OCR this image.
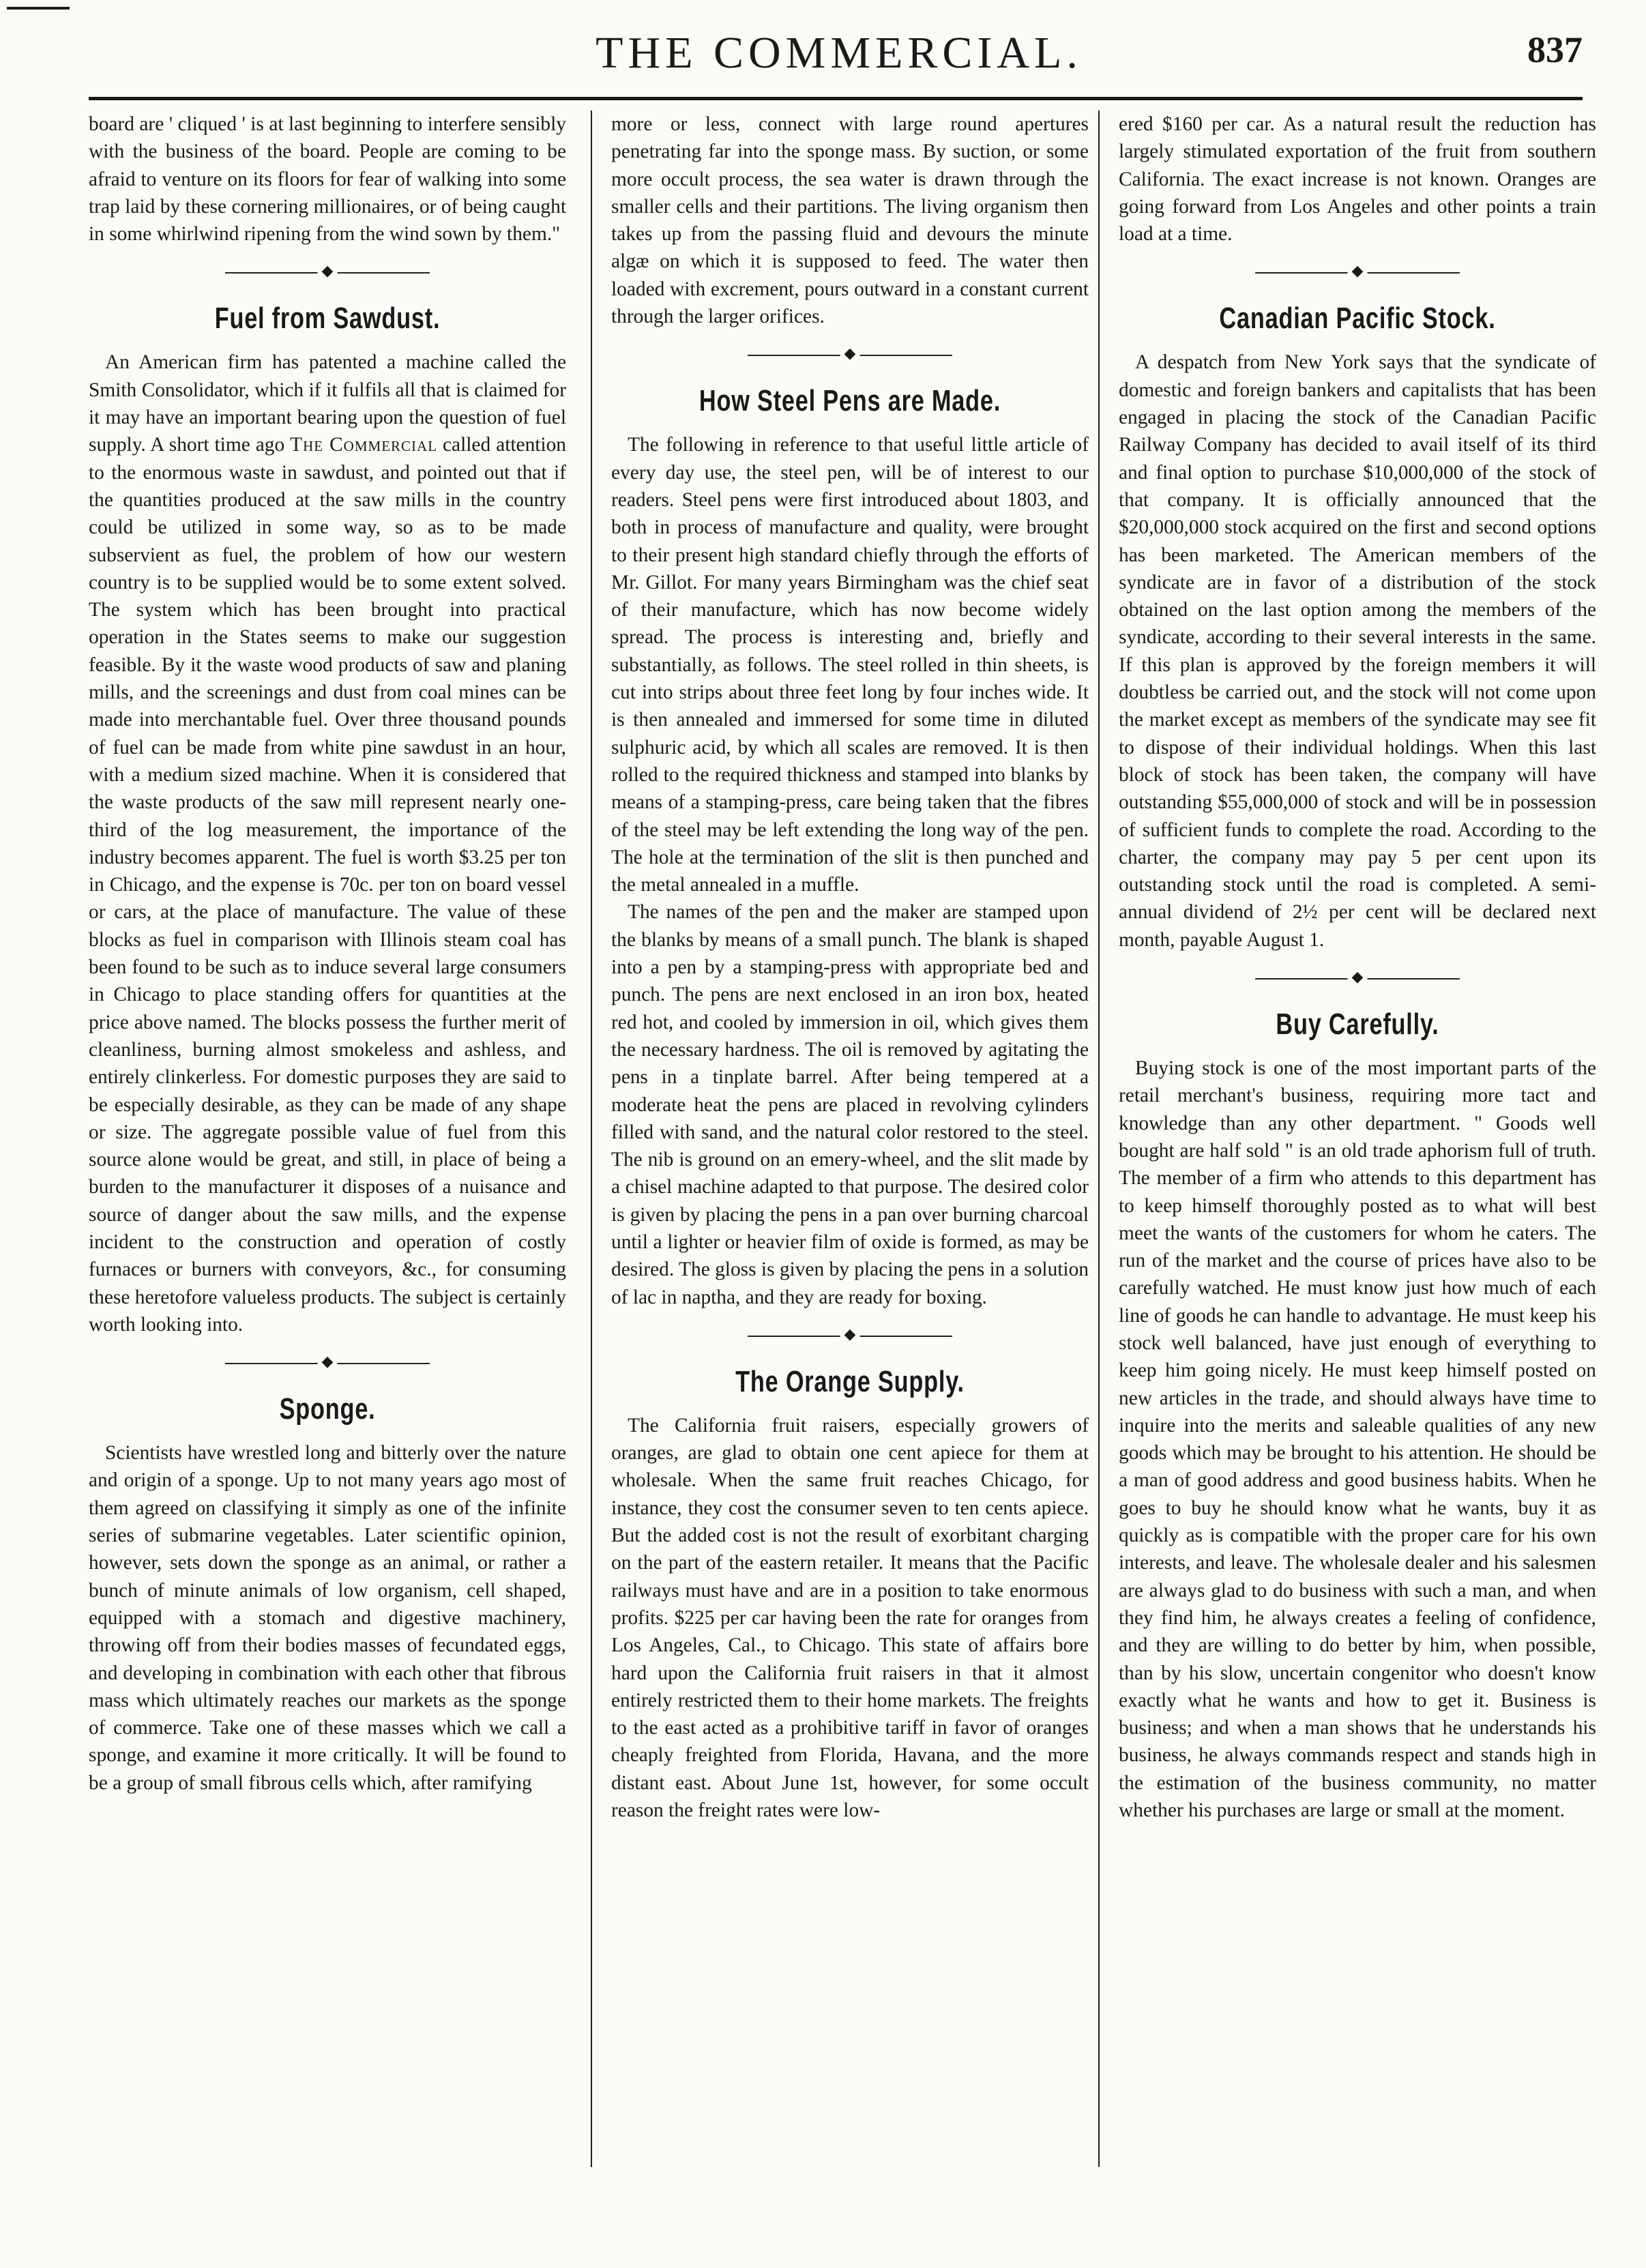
THE COMMERCIAL.	837

board are ' cliqued ' is at last beginning to interfere sensibly with the business of the board. People are coming to be afraid to venture on its floors for fear of walking into some trap laid by these cornering millionaires, or of being caught in some whirlwind ripening from the wind sown by them."

◆
Fuel from Sawdust.

An American firm has patented a machine called the Smith Consolidator, which if it fulfils all that is claimed for it may have an important bearing upon the question of fuel supply. A short time ago The Commercial called attention to the enormous waste in sawdust, and pointed out that if the quantities produced at the saw mills in the country could be utilized in some way, so as to be made subservient as fuel, the problem of how our western country is to be supplied would be to some extent solved. The system which has been brought into practical operation in the States seems to make our suggestion feasible. By it the waste wood products of saw and planing mills, and the screenings and dust from coal mines can be made into merchantable fuel. Over three thousand pounds of fuel can be made from white pine sawdust in an hour, with a medium sized machine. When it is considered that the waste products of the saw mill represent nearly one-third of the log measurement, the importance of the industry becomes apparent. The fuel is worth $3.25 per ton in Chicago, and the expense is 70c. per ton on board vessel or cars, at the place of manufacture. The value of these blocks as fuel in comparison with Illinois steam coal has been found to be such as to induce several large consumers in Chicago to place standing offers for quantities at the price above named. The blocks possess the further merit of cleanliness, burning almost smokeless and ashless, and entirely clinkerless. For domestic purposes they are said to be especially desirable, as they can be made of any shape or size. The aggregate possible value of fuel from this source alone would be great, and still, in place of being a burden to the manufacturer it disposes of a nuisance and source of danger about the saw mills, and the expense incident to the construction and operation of costly furnaces or burners with conveyors, &c., for consuming these heretofore valueless products. The subject is certainly worth looking into.

◆
Sponge.

Scientists have wrestled long and bitterly over the nature and origin of a sponge. Up to not many years ago most of them agreed on classifying it simply as one of the infinite series of submarine vegetables. Later scientific opinion, however, sets down the sponge as an animal, or rather a bunch of minute animals of low organism, cell shaped, equipped with a stomach and digestive machinery, throwing off from their bodies masses of fecundated eggs, and developing in combination with each other that fibrous mass which ultimately reaches our markets as the sponge of commerce. Take one of these masses which we call a sponge, and examine it more critically. It will be found to be a group of small fibrous cells which, after ramifying

more or less, connect with large round apertures penetrating far into the sponge mass. By suction, or some more occult process, the sea water is drawn through the smaller cells and their partitions. The living organism then takes up from the passing fluid and devours the minute algæ on which it is supposed to feed. The water then loaded with excrement, pours outward in a constant current through the larger orifices.

◆
How Steel Pens are Made.

The following in reference to that useful little article of every day use, the steel pen, will be of interest to our readers. Steel pens were first introduced about 1803, and both in process of manufacture and quality, were brought to their present high standard chiefly through the efforts of Mr. Gillot. For many years Birmingham was the chief seat of their manufacture, which has now become widely spread. The process is interesting and, briefly and substantially, as follows. The steel rolled in thin sheets, is cut into strips about three feet long by four inches wide. It is then annealed and immersed for some time in diluted sulphuric acid, by which all scales are removed. It is then rolled to the required thickness and stamped into blanks by means of a stamping-press, care being taken that the fibres of the steel may be left extending the long way of the pen. The hole at the termination of the slit is then punched and the metal annealed in a muffle.

The names of the pen and the maker are stamped upon the blanks by means of a small punch. The blank is shaped into a pen by a stamping-press with appropriate bed and punch. The pens are next enclosed in an iron box, heated red hot, and cooled by immersion in oil, which gives them the necessary hardness. The oil is removed by agitating the pens in a tinplate barrel. After being tempered at a moderate heat the pens are placed in revolving cylinders filled with sand, and the natural color restored to the steel. The nib is ground on an emery-wheel, and the slit made by a chisel machine adapted to that purpose. The desired color is given by placing the pens in a pan over burning charcoal until a lighter or heavier film of oxide is formed, as may be desired. The gloss is given by placing the pens in a solution of lac in naptha, and they are ready for boxing.

◆
The Orange Supply.

The California fruit raisers, especially growers of oranges, are glad to obtain one cent apiece for them at wholesale. When the same fruit reaches Chicago, for instance, they cost the consumer seven to ten cents apiece. But the added cost is not the result of exorbitant charging on the part of the eastern retailer. It means that the Pacific railways must have and are in a position to take enormous profits. $225 per car having been the rate for oranges from Los Angeles, Cal., to Chicago. This state of affairs bore hard upon the California fruit raisers in that it almost entirely restricted them to their home markets. The freights to the east acted as a prohibitive tariff in favor of oranges cheaply freighted from Florida, Havana, and the more distant east. About June 1st, however, for some occult reason the freight rates were low-

ered $160 per car. As a natural result the reduction has largely stimulated exportation of the fruit from southern California. The exact increase is not known. Oranges are going forward from Los Angeles and other points a train load at a time.

◆
Canadian Pacific Stock.

A despatch from New York says that the syndicate of domestic and foreign bankers and capitalists that has been engaged in placing the stock of the Canadian Pacific Railway Company has decided to avail itself of its third and final option to purchase $10,000,000 of the stock of that company. It is officially announced that the $20,000,000 stock acquired on the first and second options has been marketed. The American members of the syndicate are in favor of a distribution of the stock obtained on the last option among the members of the syndicate, according to their several interests in the same. If this plan is approved by the foreign members it will doubtless be carried out, and the stock will not come upon the market except as members of the syndicate may see fit to dispose of their individual holdings. When this last block of stock has been taken, the company will have outstanding $55,000,000 of stock and will be in possession of sufficient funds to complete the road. According to the charter, the company may pay 5 per cent upon its outstanding stock until the road is completed. A semi-annual dividend of 2½ per cent will be declared next month, payable August 1.

◆
Buy Carefully.

Buying stock is one of the most important parts of the retail merchant's business, requiring more tact and knowledge than any other department. " Goods well bought are half sold " is an old trade aphorism full of truth. The member of a firm who attends to this department has to keep himself thoroughly posted as to what will best meet the wants of the customers for whom he caters. The run of the market and the course of prices have also to be carefully watched. He must know just how much of each line of goods he can handle to advantage. He must keep his stock well balanced, have just enough of everything to keep him going nicely. He must keep himself posted on new articles in the trade, and should always have time to inquire into the merits and saleable qualities of any new goods which may be brought to his attention. He should be a man of good address and good business habits. When he goes to buy he should know what he wants, buy it as quickly as is compatible with the proper care for his own interests, and leave. The wholesale dealer and his salesmen are always glad to do business with such a man, and when they find him, he always creates a feeling of confidence, and they are willing to do better by him, when possible, than by his slow, uncertain congenitor who doesn't know exactly what he wants and how to get it. Business is business; and when a man shows that he understands his business, he always commands respect and stands high in the estimation of the business community, no matter whether his purchases are large or small at the moment.
